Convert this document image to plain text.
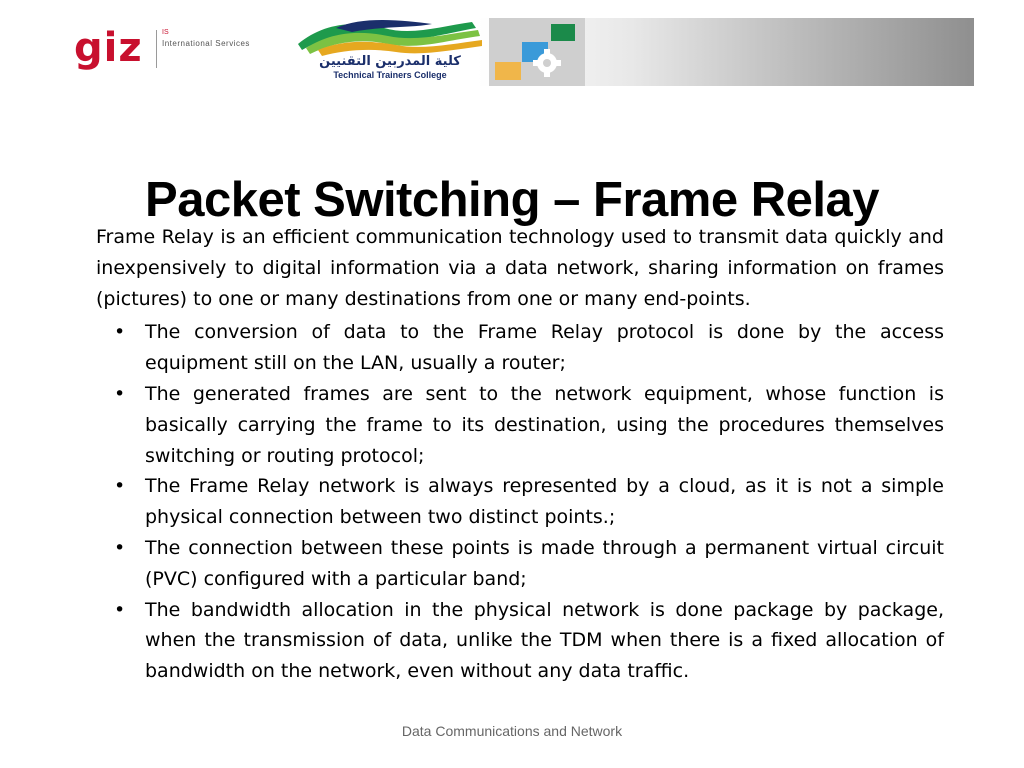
giz	IS
International Services
كلية المدربين التقنيين
Technical Trainers College
Packet Switching – Frame Relay

Frame Relay is an efficient communication technology used to transmit data quickly and inexpensively to digital information via a data network, sharing information on frames (pictures) to one or many destinations from one or many end-points.

• The conversion of data to the Frame Relay protocol is done by the access equipment still on the LAN, usually a router;
• The generated frames are sent to the network equipment, whose function is basically carrying the frame to its destination, using the procedures themselves switching or routing protocol;
• The Frame Relay network is always represented by a cloud, as it is not a simple physical connection between two distinct points.;
• The connection between these points is made through a permanent virtual circuit (PVC) configured with a particular band;
• The bandwidth allocation in the physical network is done package by package, when the transmission of data, unlike the TDM when there is a fixed allocation of bandwidth on the network, even without any data traffic.
Data Communications and Network
